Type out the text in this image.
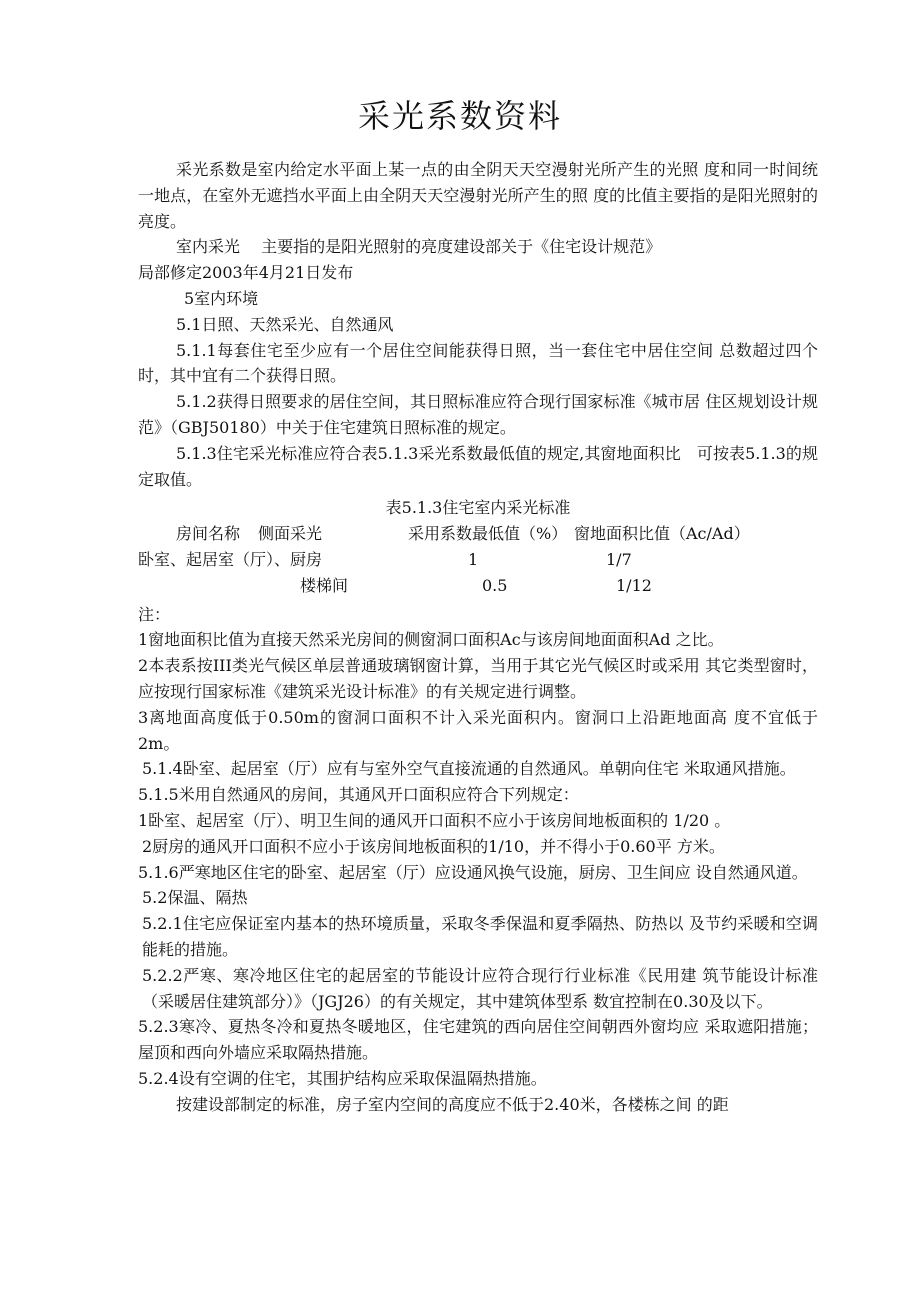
采光系数资料

采光系数是室内给定水平面上某一点的由全阴天天空漫射光所产生的光照 度和同一时间统一地点，在室外无遮挡水平面上由全阴天天空漫射光所产生的照 度的比值主要指的是阳光照射的亮度。

室内采光　 主要指的是阳光照射的亮度建设部关于《住宅设计规范》

局部修定2003年4月21日发布

5室内环境

5.1日照、天然采光、自然通风

5.1.1每套住宅至少应有一个居住空间能获得日照，当一套住宅中居住空间 总数超过四个时，其中宜有二个获得日照。

5.1.2获得日照要求的居住空间，其日照标准应符合现行国家标准《城市居 住区规划设计规范》（GBJ50180）中关于住宅建筑日照标准的规定。

5.1.3住宅采光标准应符合表5.1.3采光系数最低值的规定,其窗地面积比　可按表5.1.3的规定取值。

表5.1.3住宅室内采光标准

房间名称 侧面采光	采用系数最低值（%） 窗地面积比值（Ac/Ad）
卧室、起居室（厅）、厨房	1	1/7
楼梯间	0.5	1/12

注：

1窗地面积比值为直接天然采光房间的侧窗洞口面积Ac与该房间地面面积Ad 之比。

2本表系按III类光气候区单层普通玻璃钢窗计算，当用于其它光气候区时或采用 其它类型窗时，应按现行国家标准《建筑采光设计标准》的有关规定进行调整。

3离地面高度低于0.50m的窗洞口面积不计入采光面积内。窗洞口上沿距地面高 度不宜低于2m。

5.1.4卧室、起居室（厅）应有与室外空气直接流通的自然通风。单朝向住宅 米取通风措施。

5.1.5米用自然通风的房间，其通风开口面积应符合下列规定：

1卧室、起居室（厅）、明卫生间的通风开口面积不应小于该房间地板面积的 1/20 。

2厨房的通风开口面积不应小于该房间地板面积的1/10，并不得小于0.60平 方米。

5.1.6严寒地区住宅的卧室、起居室（厅）应设通风换气设施，厨房、卫生间应 设自然通风道。

5.2保温、隔热

5.2.1住宅应保证室内基本的热环境质量，采取冬季保温和夏季隔热、防热以 及节约采暖和空调能耗的措施。

5.2.2严寒、寒冷地区住宅的起居室的节能设计应符合现行行业标准《民用建 筑节能设计标准（采暖居住建筑部分）》（JGJ26）的有关规定，其中建筑体型系 数宜控制在0.30及以下。

5.2.3寒冷、夏热冬冷和夏热冬暖地区，住宅建筑的西向居住空间朝西外窗均应 采取遮阳措施；屋顶和西向外墙应采取隔热措施。

5.2.4设有空调的住宅，其围护结构应采取保温隔热措施。

按建设部制定的标准，房子室内空间的高度应不低于2.40米，各楼栋之间 的距
